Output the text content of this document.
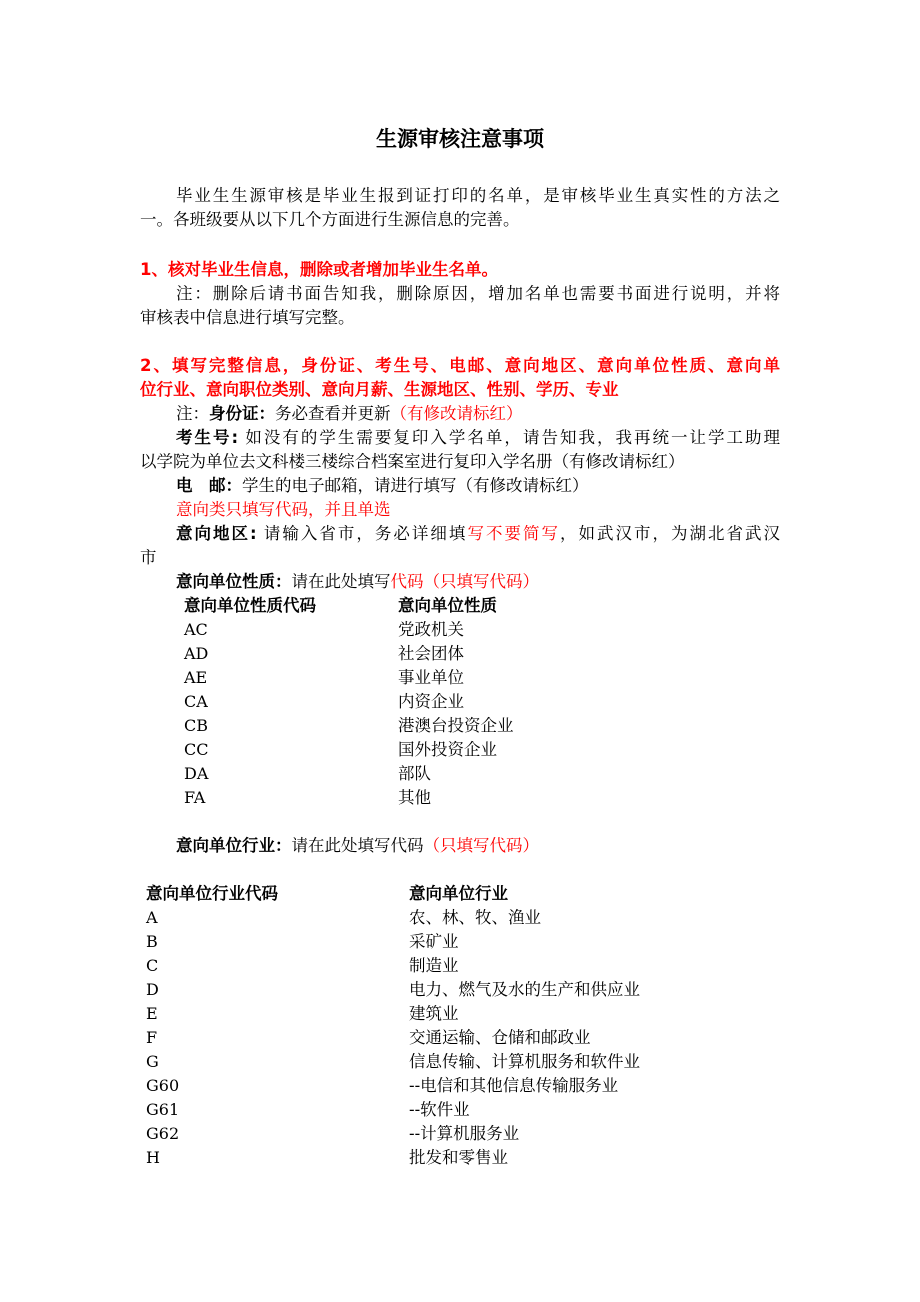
生源审核注意事项
毕业生生源审核是毕业生报到证打印的名单，是审核毕业生真实性的方法之
一。各班级要从以下几个方面进行生源信息的完善。
1、核对毕业生信息，删除或者增加毕业生名单。
注：删除后请书面告知我，删除原因，增加名单也需要书面进行说明，并将
审核表中信息进行填写完整。
2、填写完整信息，身份证、考生号、电邮、意向地区、意向单位性质、意向单
位行业、意向职位类别、意向月薪、生源地区、性别、学历、专业
注：身份证：务必查看并更新（有修改请标红）
考生号: 如没有的学生需要复印入学名单，请告知我，我再统一让学工助理
以学院为单位去文科楼三楼综合档案室进行复印入学名册（有修改请标红）
电　邮：学生的电子邮箱，请进行填写（有修改请标红）
意向类只填写代码，并且单选
意向地区: 请输入省市，务必详细填写不要简写，如武汉市，为湖北省武汉
市
意向单位性质：请在此处填写代码（只填写代码）
意向单位性质代码	意向单位性质
AC	党政机关
AD	社会团体
AE	事业单位
CA	内资企业
CB	港澳台投资企业
CC	国外投资企业
DA	部队
FA	其他
意向单位行业：请在此处填写代码（只填写代码）
意向单位行业代码	意向单位行业
A	农、林、牧、渔业
B	采矿业
C	制造业
D	电力、燃气及水的生产和供应业
E	建筑业
F	交通运输、仓储和邮政业
G	信息传输、计算机服务和软件业
G60	--电信和其他信息传输服务业
G61	--软件业
G62	--计算机服务业
H	批发和零售业
